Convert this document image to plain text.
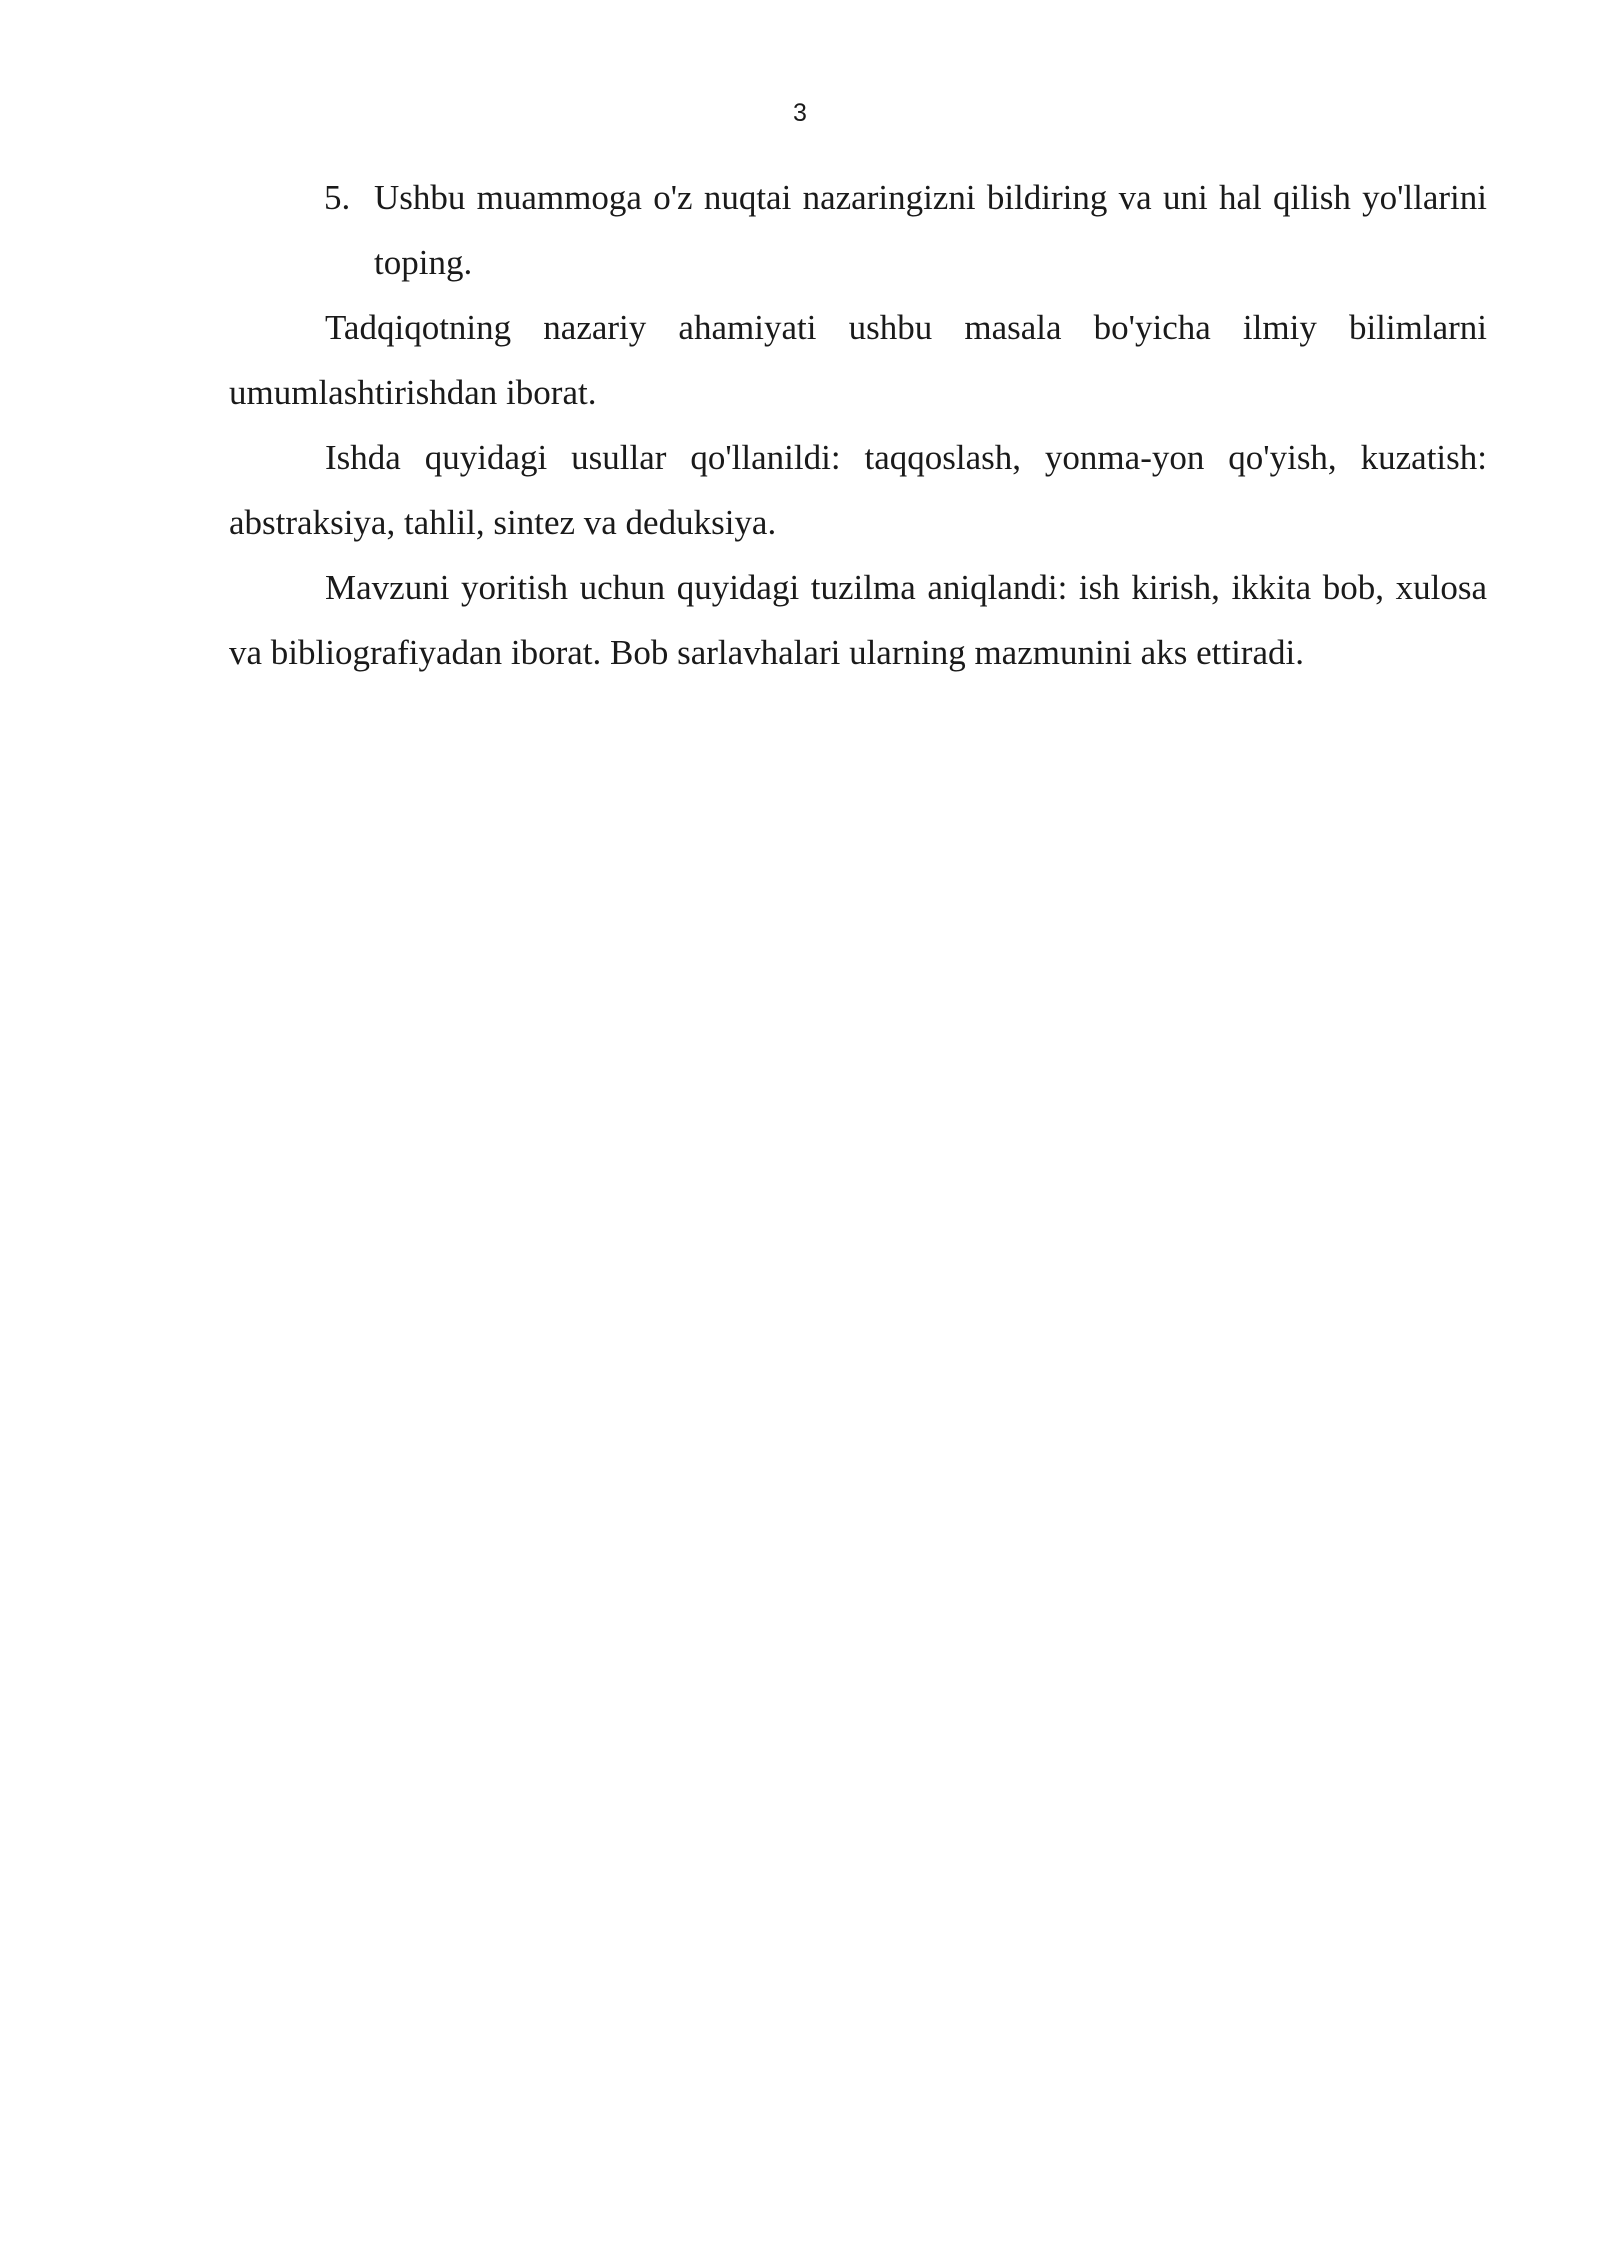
3

5. Ushbu muammoga o'z nuqtai nazaringizni bildiring va uni hal qilish yo'llarini toping.

Tadqiqotning nazariy ahamiyati ushbu masala bo'yicha ilmiy bilimlarni umumlashtirishdan iborat.

Ishda quyidagi usullar qo'llanildi: taqqoslash, yonma-yon qo'yish, kuzatish: abstraksiya, tahlil, sintez va deduksiya.

Mavzuni yoritish uchun quyidagi tuzilma aniqlandi: ish kirish, ikkita bob, xulosa va bibliografiyadan iborat. Bob sarlavhalari ularning mazmunini aks ettiradi.
